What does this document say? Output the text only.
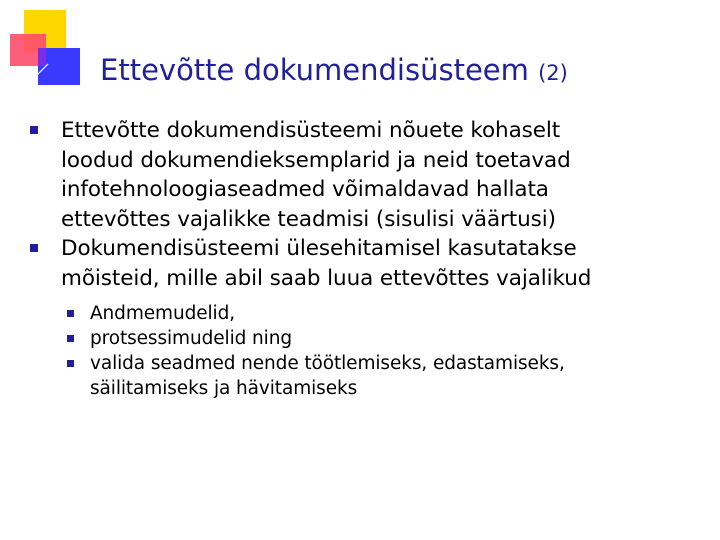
Ettevõtte dokumendisüsteem (2)
Ettevõtte dokumendisüsteemi nõuete kohaselt
loodud dokumendieksemplarid ja neid toetavad
infotehnoloogiaseadmed võimaldavad hallata
ettevõttes vajalikke teadmisi (sisulisi väärtusi)
Dokumendisüsteemi ülesehitamisel kasutatakse
mõisteid, mille abil saab luua ettevõttes vajalikud
Andmemudelid,
protsessimudelid ning
valida seadmed nende töötlemiseks, edastamiseks,
säilitamiseks ja hävitamiseks
